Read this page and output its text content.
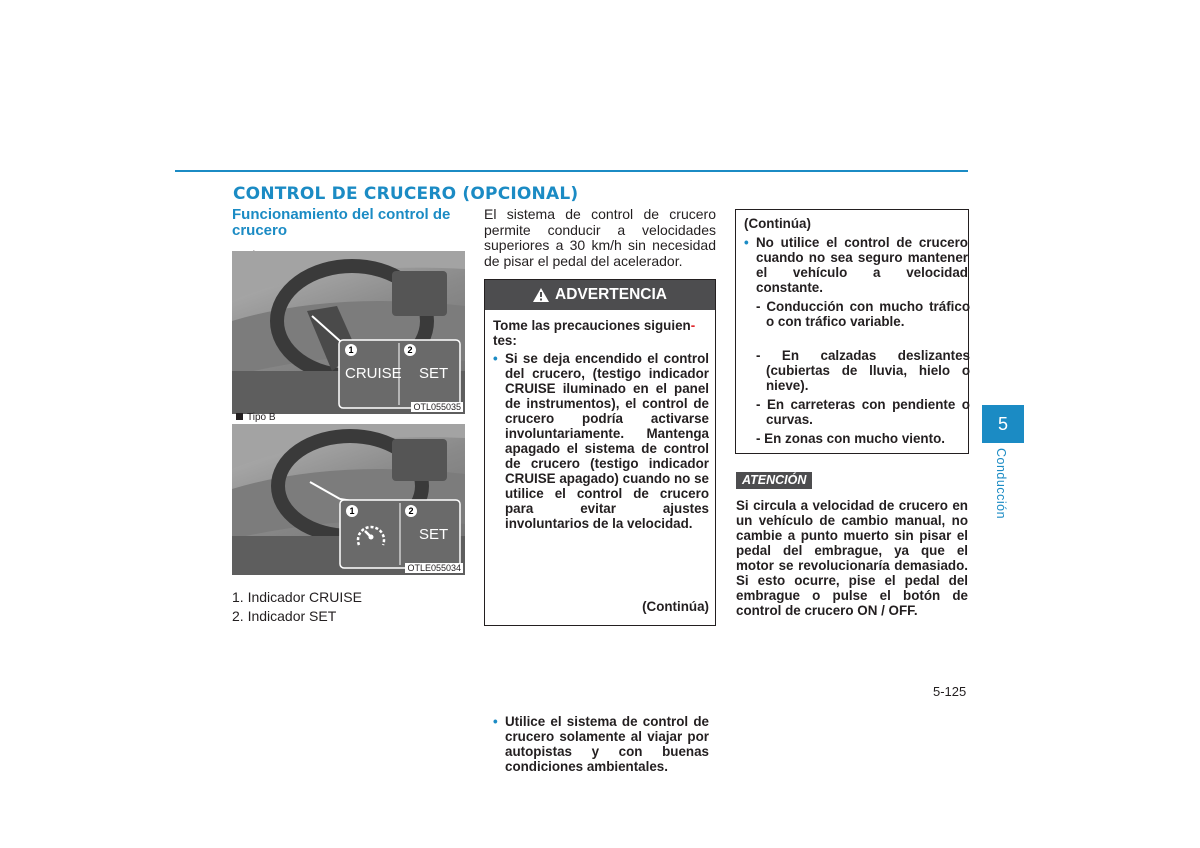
CONTROL DE CRUCERO (OPCIONAL)
Funcionamiento del control de crucero
1	2
CRUISE SET
OTL055035
Tipo B
1	2
SET
OTLE055034
1. Indicador CRUISE
2. Indicador SET
El sistema de control de crucero permite conducir a velocidades superiores a 30 km/h sin necesidad de pisar el pedal del acelerador.
ADVERTENCIA
Tome las precauciones siguien-
tes:
• Si se deja encendido el control del crucero, (testigo indicador CRUISE iluminado en el panel de instrumentos), el control de crucero podría activarse involuntariamente. Mantenga apagado el sistema de control de crucero (testigo indicador CRUISE apagado) cuando no se utilice el control de crucero para evitar ajustes involuntarios de la velocidad.
• Utilice el sistema de control de crucero solamente al viajar por autopistas y con buenas condiciones ambientales.
(Continúa)
(Continúa)
• No utilice el control de crucero cuando no sea seguro mantener el vehículo a velocidad constante.
- Conducción con mucho tráfico o con tráfico variable.
- En calzadas deslizantes (cubiertas de lluvia, hielo o nieve).
- En carreteras con pendiente o curvas.
- En zonas con mucho viento.
ATENCIÓN
Si circula a velocidad de crucero en un vehículo de cambio manual, no cambie a punto muerto sin pisar el pedal del embrague, ya que el motor se revolucionaría demasiado. Si esto ocurre, pise el pedal del embrague o pulse el botón de control de crucero ON / OFF.
5
Conducción
5-125
